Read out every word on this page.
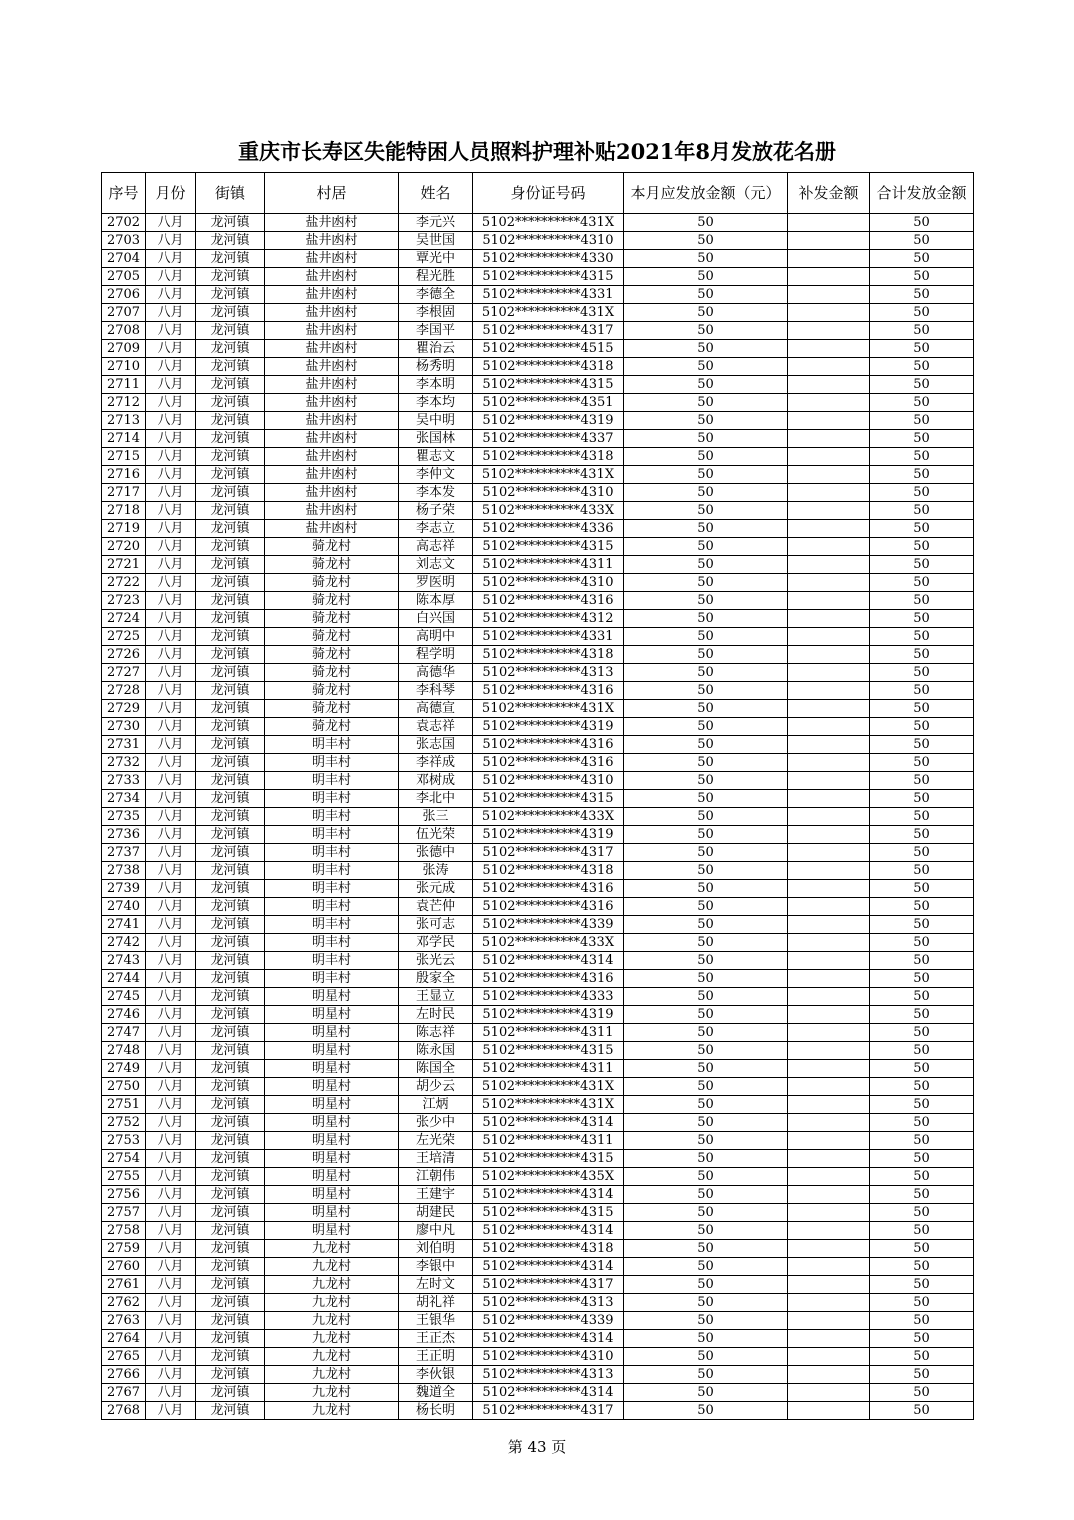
重庆市长寿区失能特困人员照料护理补贴2021年8月发放花名册
序号	月份	街镇	村居	姓名	身份证号码	本月应发放金额（元）	补发金额	合计发放金额
2702	八月	龙河镇	盐井凼村	李元兴	5102**********431X	50		50
2703	八月	龙河镇	盐井凼村	吴世国	5102**********4310	50		50
2704	八月	龙河镇	盐井凼村	覃光中	5102**********4330	50		50
2705	八月	龙河镇	盐井凼村	程光胜	5102**********4315	50		50
2706	八月	龙河镇	盐井凼村	李德全	5102**********4331	50		50
2707	八月	龙河镇	盐井凼村	李根固	5102**********431X	50		50
2708	八月	龙河镇	盐井凼村	李国平	5102**********4317	50		50
2709	八月	龙河镇	盐井凼村	瞿治云	5102**********4515	50		50
2710	八月	龙河镇	盐井凼村	杨秀明	5102**********4318	50		50
2711	八月	龙河镇	盐井凼村	李本明	5102**********4315	50		50
2712	八月	龙河镇	盐井凼村	李本均	5102**********4351	50		50
2713	八月	龙河镇	盐井凼村	吴中明	5102**********4319	50		50
2714	八月	龙河镇	盐井凼村	张国林	5102**********4337	50		50
2715	八月	龙河镇	盐井凼村	瞿志文	5102**********4318	50		50
2716	八月	龙河镇	盐井凼村	李仲文	5102**********431X	50		50
2717	八月	龙河镇	盐井凼村	李本发	5102**********4310	50		50
2718	八月	龙河镇	盐井凼村	杨子荣	5102**********433X	50		50
2719	八月	龙河镇	盐井凼村	李志立	5102**********4336	50		50
2720	八月	龙河镇	骑龙村	高志祥	5102**********4315	50		50
2721	八月	龙河镇	骑龙村	刘志文	5102**********4311	50		50
2722	八月	龙河镇	骑龙村	罗医明	5102**********4310	50		50
2723	八月	龙河镇	骑龙村	陈本厚	5102**********4316	50		50
2724	八月	龙河镇	骑龙村	白兴国	5102**********4312	50		50
2725	八月	龙河镇	骑龙村	高明中	5102**********4331	50		50
2726	八月	龙河镇	骑龙村	程学明	5102**********4318	50		50
2727	八月	龙河镇	骑龙村	高德华	5102**********4313	50		50
2728	八月	龙河镇	骑龙村	李科琴	5102**********4316	50		50
2729	八月	龙河镇	骑龙村	高德宣	5102**********431X	50		50
2730	八月	龙河镇	骑龙村	袁志祥	5102**********4319	50		50
2731	八月	龙河镇	明丰村	张志国	5102**********4316	50		50
2732	八月	龙河镇	明丰村	李祥成	5102**********4316	50		50
2733	八月	龙河镇	明丰村	邓树成	5102**********4310	50		50
2734	八月	龙河镇	明丰村	李北中	5102**********4315	50		50
2735	八月	龙河镇	明丰村	张三	5102**********433X	50		50
2736	八月	龙河镇	明丰村	伍光荣	5102**********4319	50		50
2737	八月	龙河镇	明丰村	张德中	5102**********4317	50		50
2738	八月	龙河镇	明丰村	张涛	5102**********4318	50		50
2739	八月	龙河镇	明丰村	张元成	5102**********4316	50		50
2740	八月	龙河镇	明丰村	袁芒仲	5102**********4316	50		50
2741	八月	龙河镇	明丰村	张可志	5102**********4339	50		50
2742	八月	龙河镇	明丰村	邓学民	5102**********433X	50		50
2743	八月	龙河镇	明丰村	张光云	5102**********4314	50		50
2744	八月	龙河镇	明丰村	殷家全	5102**********4316	50		50
2745	八月	龙河镇	明星村	王显立	5102**********4333	50		50
2746	八月	龙河镇	明星村	左时民	5102**********4319	50		50
2747	八月	龙河镇	明星村	陈志祥	5102**********4311	50		50
2748	八月	龙河镇	明星村	陈永国	5102**********4315	50		50
2749	八月	龙河镇	明星村	陈国全	5102**********4311	50		50
2750	八月	龙河镇	明星村	胡少云	5102**********431X	50		50
2751	八月	龙河镇	明星村	江炳	5102**********431X	50		50
2752	八月	龙河镇	明星村	张少中	5102**********4314	50		50
2753	八月	龙河镇	明星村	左光荣	5102**********4311	50		50
2754	八月	龙河镇	明星村	王培清	5102**********4315	50		50
2755	八月	龙河镇	明星村	江朝伟	5102**********435X	50		50
2756	八月	龙河镇	明星村	王建宇	5102**********4314	50		50
2757	八月	龙河镇	明星村	胡建民	5102**********4315	50		50
2758	八月	龙河镇	明星村	廖中凡	5102**********4314	50		50
2759	八月	龙河镇	九龙村	刘伯明	5102**********4318	50		50
2760	八月	龙河镇	九龙村	李银中	5102**********4314	50		50
2761	八月	龙河镇	九龙村	左时文	5102**********4317	50		50
2762	八月	龙河镇	九龙村	胡礼祥	5102**********4313	50		50
2763	八月	龙河镇	九龙村	王银华	5102**********4339	50		50
2764	八月	龙河镇	九龙村	王正杰	5102**********4314	50		50
2765	八月	龙河镇	九龙村	王正明	5102**********4310	50		50
2766	八月	龙河镇	九龙村	李伙银	5102**********4313	50		50
2767	八月	龙河镇	九龙村	魏道全	5102**********4314	50		50
2768	八月	龙河镇	九龙村	杨长明	5102**********4317	50		50
第 43 页
